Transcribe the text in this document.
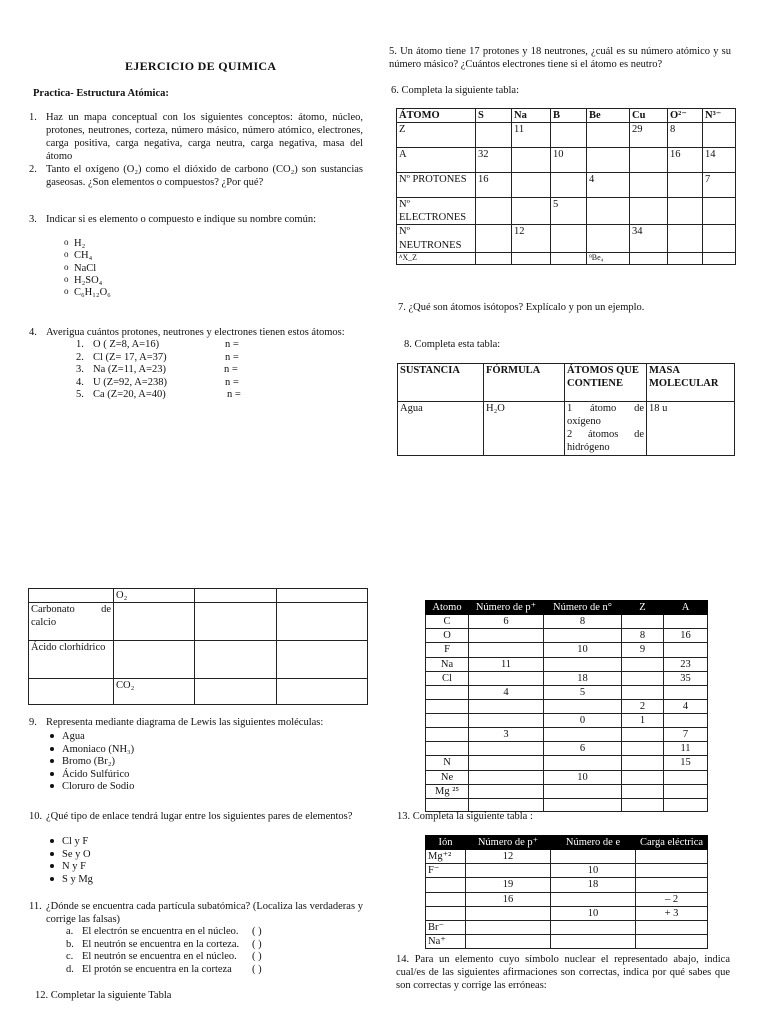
EJERCICIO DE QUIMICA
Practica- Estructura Atómica:
1. Haz un mapa conceptual con los siguientes conceptos: átomo, núcleo, protones, neutrones, corteza, número másico, número atómico, electrones, carga positiva, carga negativa, carga neutra, carga negativa, masa del átomo
2. Tanto el oxígeno (O₂) como el dióxido de carbono (CO₂) son sustancias gaseosas. ¿Son elementos o compuestos? ¿Por qué?
3. Indicar si es elemento o compuesto e indique su nombre común:
o H₂
o CH₄
o NaCl
o H₂SO₄
o C₆H₁₂O₆
4. Averigua cuántos protones, neutrones y electrones tienen estos átomos:
1. O ( Z=8, A=16)	n =
2. Cl (Z= 17, A=37)	n =
3. Na (Z=11, A=23)	n =
4. U (Z=92, A=238)	n =
5. Ca (Z=20, A=40)	n =
	O₂		
Carbonato de calcio			
Ácido clorhídrico			
	CO₂		
9. Representa mediante diagrama de Lewis las siguientes moléculas:
Agua
Amoniaco (NH₃)
Bromo (Br₂)
Ácido Sulfúrico
Cloruro de Sodio
10. ¿Qué tipo de enlace tendrá lugar entre los siguientes pares de elementos?
Cl y F
Se y O
N y F
S y Mg
11. ¿Dónde se encuentra cada partícula subatómica? (Localiza las verdaderas y corrige las falsas)
a. El electrón se encuentra en el núcleo. ( )
b. El neutrón se encuentra en la corteza. ( )
c. El neutrón se encuentra en el núcleo. ( )
d. El protón se encuentra en la corteza ( )
12. Completar la siguiente Tabla
5. Un átomo tiene 17 protones y 18 neutrones, ¿cuál es su número atómico y su número másico? ¿Cuántos electrones tiene si el átomo es neutro?
6. Completa la siguiente tabla:
ÁTOMO	S	Na	B	Be	Cu	O²⁻	N³⁻
Z		11			29	8	
A	32		10			16	14
Nº PROTONES	16			4			7
Nº ELECTRONES			5				
Nº NEUTRONES		12			34		
ᴬX_Z				⁹Be₄			
7. ¿Qué son átomos isótopos? Explícalo y pon un ejemplo.
8. Completa esta tabla:
SUSTANCIA	FÓRMULA	ÁTOMOS QUE CONTIENE	MASA MOLECULAR
Agua	H₂O	1 átomo de oxígeno
2 átomos de hidrógeno	18 u
Atomo	Número de p⁺	Número de n°	Z	A
C	6	8		
O			8	16
F		10	9	
Na	11			23
Cl		18		35
	4	5		
			2	4
		0	1	
	3			7
		6		11
N				15
Ne		10		
Mg ²⁵				

13. Completa la siguiente tabla :
Ión	Número de p⁺	Número de e	Carga eléctrica
Mg⁺²	12		
F⁻		10	
	19	18	
	16		– 2
		10	+ 3
Br⁻			
Na⁺			
14. Para un elemento cuyo símbolo nuclear el representado abajo, indica cual/es de las siguientes afirmaciones son correctas, indica por qué sabes que son correctas y corrige las erróneas:
